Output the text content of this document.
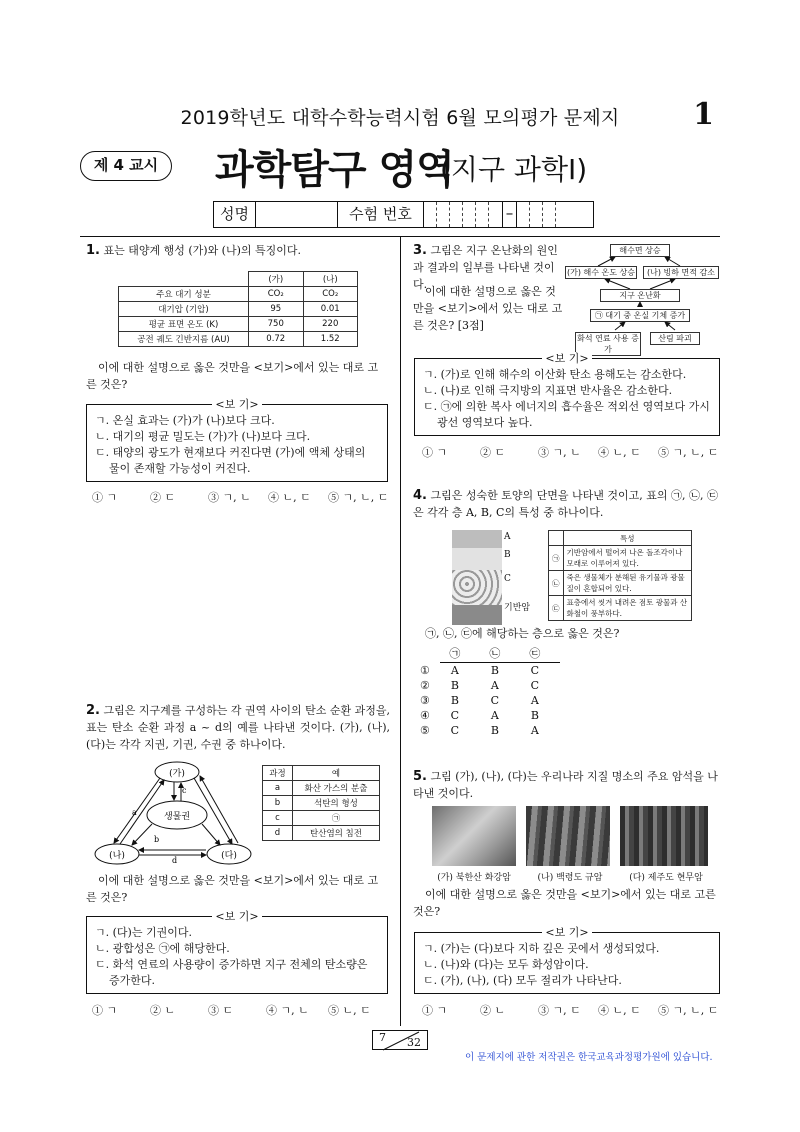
2019학년도 대학수학능력시험 6월 모의평가 문제지	1
제 4 교시	과학탐구 영역
(지구 과학Ⅰ)
성명	수험 번호	–
1. 표는 태양계 행성 (가)와 (나)의 특징이다.
	(가)	(나)
주요 대기 성분	CO₂	CO₂
대기압 (기압)	95	0.01
평균 표면 온도 (K)	750	220
공전 궤도 긴반지름 (AU)	0.72	1.52
이에 대한 설명으로 옳은 것만을 <보기>에서 있는 대로 고른 것은?
<보 기>
ㄱ. 온실 효과는 (가)가 (나)보다 크다.
ㄴ. 대기의 평균 밀도는 (가)가 (나)보다 크다.
ㄷ. 태양의 광도가 현재보다 커진다면 (가)에 액체 상태의 물이 존재할 가능성이 커진다.
① ㄱ	② ㄷ	③ ㄱ, ㄴ	④ ㄴ, ㄷ	⑤ ㄱ, ㄴ, ㄷ
2. 그림은 지구계를 구성하는 각 권역 사이의 탄소 순환 과정을, 표는 탄소 순환 과정 a ~ d의 예를 나타낸 것이다. (가), (나), (다)는 각각 지권, 기권, 수권 중 하나이다.
(가)
생물권
(나)	(다)
c
a
b
d
과정	예
a	화산 가스의 분출
b	석탄의 형성
c	㉠
d	탄산염의 침전
이에 대한 설명으로 옳은 것만을 <보기>에서 있는 대로 고른 것은?
<보 기>
ㄱ. (다)는 기권이다.
ㄴ. 광합성은 ㉠에 해당한다.
ㄷ. 화석 연료의 사용량이 증가하면 지구 전체의 탄소량은 증가한다.
① ㄱ	② ㄴ	③ ㄷ	④ ㄱ, ㄴ	⑤ ㄴ, ㄷ
3. 그림은 지구 온난화의 원인과 결과의 일부를 나타낸 것이다.
이에 대한 설명으로 옳은 것만을 <보기>에서 있는 대로 고른 것은? [3점]
해수면 상승
(가) 해수 온도 상승	(나) 빙하 면적 감소
지구 온난화
㉠ 대기 중 온실 기체 증가
화석 연료 사용 증가
산림 파괴
<보 기>
ㄱ. (가)로 인해 해수의 이산화 탄소 용해도는 감소한다.
ㄴ. (나)로 인해 극지방의 지표면 반사율은 감소한다.
ㄷ. ㉠에 의한 복사 에너지의 흡수율은 적외선 영역보다 가시광선 영역보다 높다.
① ㄱ	② ㄷ	③ ㄱ, ㄴ	④ ㄴ, ㄷ	⑤ ㄱ, ㄴ, ㄷ
4. 그림은 성숙한 토양의 단면을 나타낸 것이고, 표의 ㉠, ㉡, ㉢은 각각 층 A, B, C의 특성 중 하나이다.
A
B
C
기반암
	특성
㉠	기반암에서 떨어져 나온 돌조각이나 모래로 이루어져 있다.
㉡	죽은 생물체가 분해된 유기물과 광물질이 혼합되어 있다.
㉢	표층에서 씻겨 내려온 점토 광물과 산화철이 풍부하다.
㉠, ㉡, ㉢에 해당하는 층으로 옳은 것은?
	㉠	㉡	㉢
①	A	B	C
②	B	A	C
③	B	C	A
④	C	A	B
⑤	C	B	A
5. 그림 (가), (나), (다)는 우리나라 지질 명소의 주요 암석을 나타낸 것이다.
(가) 북한산 화강암	(나) 백령도 규암	(다) 제주도 현무암
이에 대한 설명으로 옳은 것만을 <보기>에서 있는 대로 고른 것은?
<보 기>
ㄱ. (가)는 (다)보다 지하 깊은 곳에서 생성되었다.
ㄴ. (나)와 (다)는 모두 화성암이다.
ㄷ. (가), (나), (다) 모두 절리가 나타난다.
① ㄱ	② ㄴ	③ ㄱ, ㄷ	④ ㄴ, ㄷ	⑤ ㄱ, ㄴ, ㄷ
7 32
이 문제지에 관한 저작권은 한국교육과정평가원에 있습니다.
